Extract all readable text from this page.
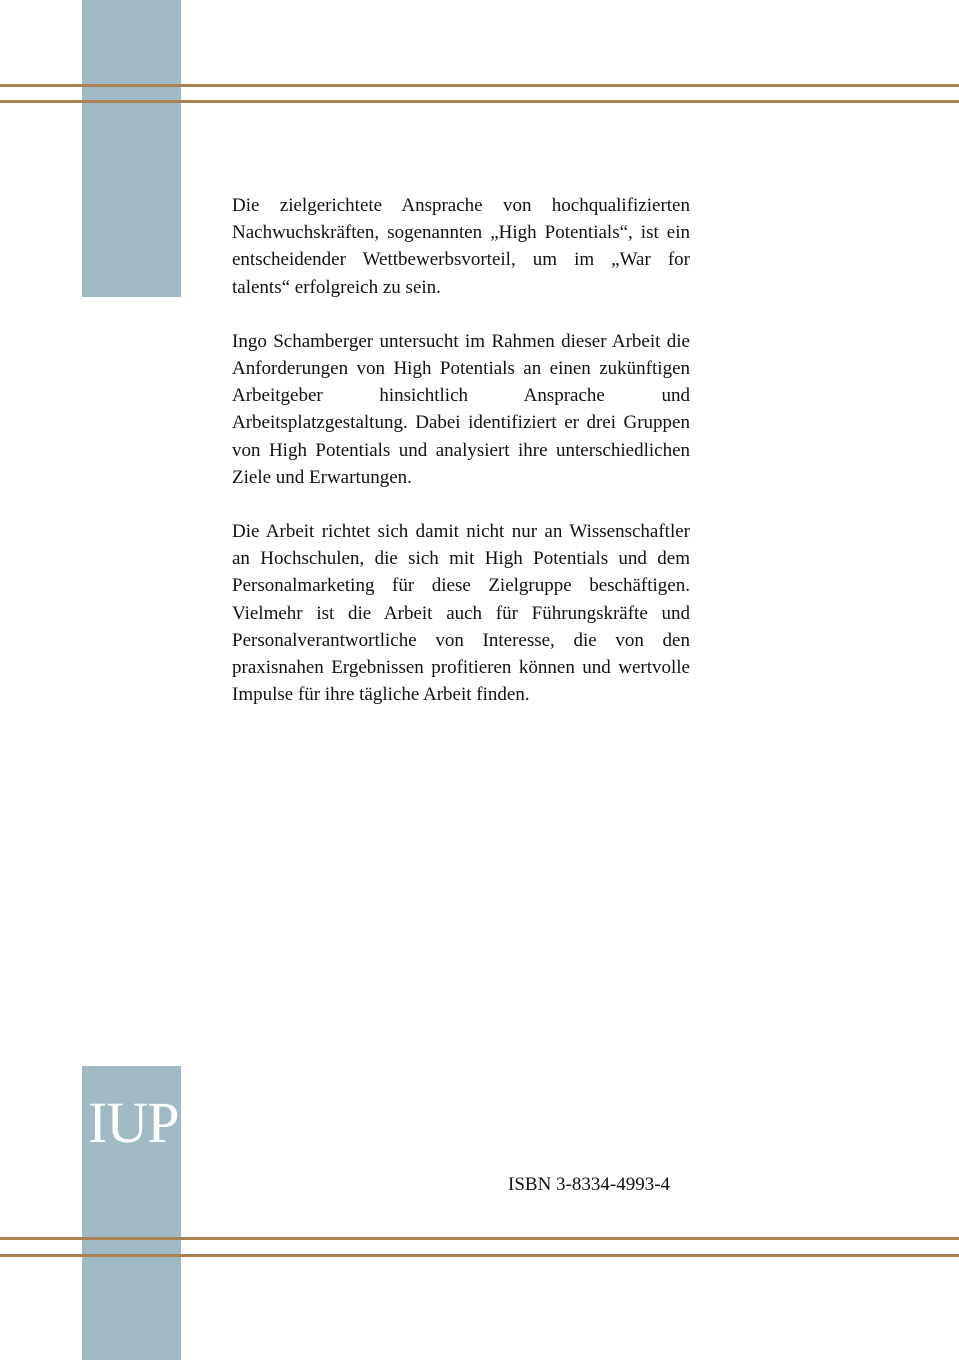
Die zielgerichtete Ansprache von hochqualifizierten Nachwuchskräften, sogenannten „High Potentials“, ist ein entscheidender Wettbewerbsvorteil, um im „War for talents“ erfolgreich zu sein.

Ingo Schamberger untersucht im Rahmen dieser Arbeit die Anforderungen von High Potentials an einen zukünftigen Arbeitgeber hinsichtlich Ansprache und Arbeitsplatzgestaltung. Dabei identifiziert er drei Gruppen von High Potentials und analysiert ihre unterschiedlichen Ziele und Erwartungen.

Die Arbeit richtet sich damit nicht nur an Wissenschaftler an Hochschulen, die sich mit High Potentials und dem Personalmarketing für diese Zielgruppe beschäftigen. Vielmehr ist die Arbeit auch für Führungskräfte und Personalverantwortliche von Interesse, die von den praxisnahen Ergebnissen profitieren können und wertvolle Impulse für ihre tägliche Arbeit finden.

IUP
ISBN 3-8334-4993-4
